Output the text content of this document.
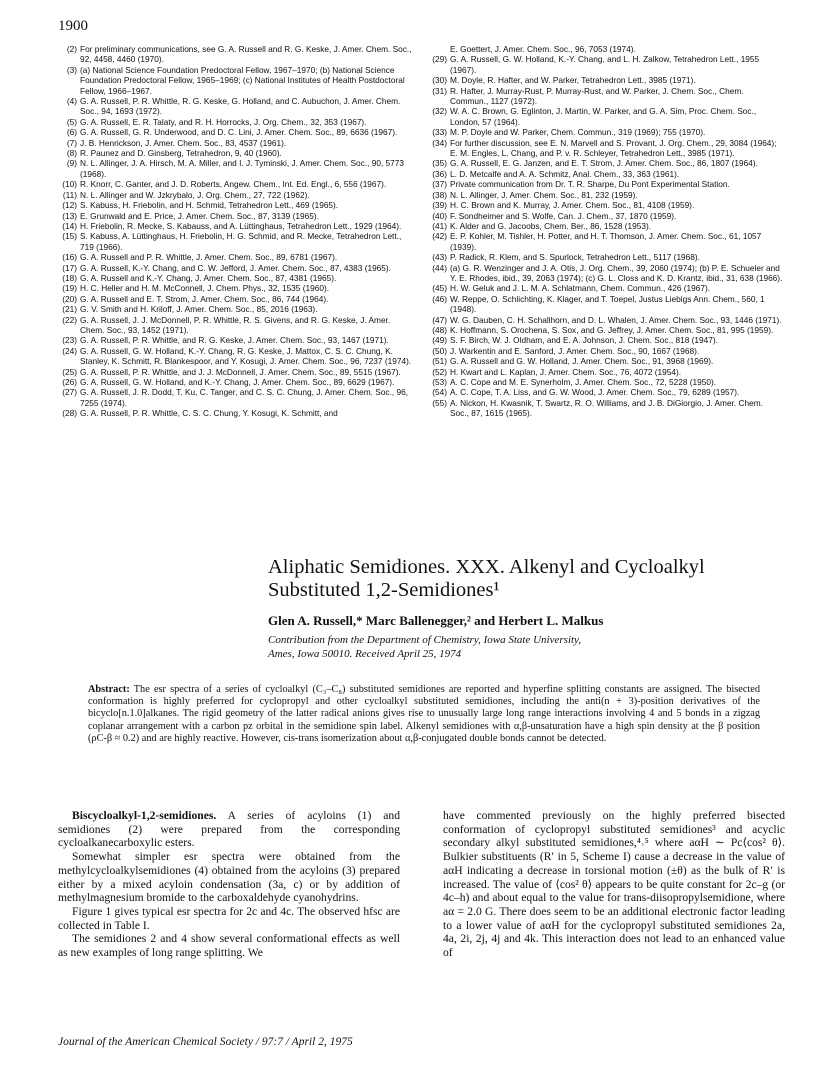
1900
(2) For preliminary communications, see G. A. Russell and R. G. Keske, J. Amer. Chem. Soc., 92, 4458, 4460 (1970).
(3) (a) National Science Foundation Predoctoral Fellow, 1967–1970; (b) National Science Foundation Predoctoral Fellow, 1965–1969; (c) National Institutes of Health Postdoctoral Fellow, 1966–1967.
(4) G. A. Russell, P. R. Whittle, R. G. Keske, G. Holland, and C. Aubuchon, J. Amer. Chem. Soc., 94, 1693 (1972).
(5) G. A. Russell, E. R. Talaty, and R. H. Horrocks, J. Org. Chem., 32, 353 (1967).
(6) G. A. Russell, G. R. Underwood, and D. C. Lini, J. Amer. Chem. Soc., 89, 6636 (1967).
(7) J. B. Henrickson, J. Amer. Chem. Soc., 83, 4537 (1961).
(8) R. Paunez and D. Ginsberg, Tetrahedron, 9, 40 (1960).
(9) N. L. Allinger, J. A. Hirsch, M. A. Miller, and I. J. Tyminski, J. Amer. Chem. Soc., 90, 5773 (1968).
(10) R. Knorr, C. Ganter, and J. D. Roberts, Angew. Chem., Int. Ed. Engl., 6, 556 (1967).
(11) N. L. Allinger and W. Jzkrybalo, J. Org. Chem., 27, 722 (1962).
(12) S. Kabuss, H. Friebolin, and H. Schmid, Tetrahedron Lett., 469 (1965).
(13) E. Grunwald and E. Price, J. Amer. Chem. Soc., 87, 3139 (1965).
(14) H. Friebolin, R. Mecke, S. Kabauss, and A. Lüttinghaus, Tetrahedron Lett., 1929 (1964).
(15) S. Kabuss, A. Lüttinghaus, H. Friebolin, H. G. Schmid, and R. Mecke, Tetrahedron Lett., 719 (1966).
(16) G. A. Russell and P. R. Whittle, J. Amer. Chem. Soc., 89, 6781 (1967).
(17) G. A. Russell, K.-Y. Chang, and C. W. Jefford, J. Amer. Chem. Soc., 87, 4383 (1965).
(18) G. A. Russell and K.-Y. Chang, J. Amer. Chem. Soc., 87, 4381 (1965).
(19) H. C. Heller and H. M. McConnell, J. Chem. Phys., 32, 1535 (1960).
(20) G. A. Russell and E. T. Strom, J. Amer. Chem. Soc., 86, 744 (1964).
(21) G. V. Smith and H. Kriloff, J. Amer. Chem. Soc., 85, 2016 (1963).
(22) G. A. Russell, J. J. McDonnell, P. R. Whittle, R. S. Givens, and R. G. Keske, J. Amer. Chem. Soc., 93, 1452 (1971).
(23) G. A. Russell, P. R. Whittle, and R. G. Keske, J. Amer. Chem. Soc., 93, 1467 (1971).
(24) G. A. Russell, G. W. Holland, K.-Y. Chang, R. G. Keske, J. Mattox, C. S. C. Chung, K. Stanley, K. Schmitt, R. Blankespoor, and Y. Kosugi, J. Amer. Chem. Soc., 96, 7237 (1974).
(25) G. A. Russell, P. R. Whittle, and J. J. McDonnell, J. Amer. Chem. Soc., 89, 5515 (1967).
(26) G. A. Russell, G. W. Holland, and K.-Y. Chang, J. Amer. Chem. Soc., 89, 6629 (1967).
(27) G. A. Russell, J. R. Dodd, T. Ku, C. Tanger, and C. S. C. Chung, J. Amer. Chem. Soc., 96, 7255 (1974).
(28) G. A. Russell, P. R. Whittle, C. S. C. Chung, Y. Kosugi, K. Schmitt, and
E. Goettert, J. Amer. Chem. Soc., 96, 7053 (1974).
(29) G. A. Russell, G. W. Holland, K.-Y. Chang, and L. H. Zalkow, Tetrahedron Lett., 1955 (1967).
(30) M. Doyle, R. Hafter, and W. Parker, Tetrahedron Lett., 3985 (1971).
(31) R. Hafter, J. Murray-Rust, P. Murray-Rust, and W. Parker, J. Chem. Soc., Chem. Commun., 1127 (1972).
(32) W. A. C. Brown, G. Eglinton, J. Martin, W. Parker, and G. A. Sim, Proc. Chem. Soc., London, 57 (1964).
(33) M. P. Doyle and W. Parker, Chem. Commun., 319 (1969); 755 (1970).
(34) For further discussion, see E. N. Marvell and S. Provant, J. Org. Chem., 29, 3084 (1964); E. M. Engles, L. Chang, and P. v. R. Schleyer, Tetrahedron Lett., 3985 (1971).
(35) G. A. Russell, E. G. Janzen, and E. T. Strom, J. Amer. Chem. Soc., 86, 1807 (1964).
(36) L. D. Metcalfe and A. A. Schmitz, Anal. Chem., 33, 363 (1961).
(37) Private communication from Dr. T. R. Sharpe, Du Pont Experimental Station.
(38) N. L. Allinger, J. Amer. Chem. Soc., 81, 232 (1959).
(39) H. C. Brown and K. Murray, J. Amer. Chem. Soc., 81, 4108 (1959).
(40) F. Sondheimer and S. Wolfe, Can. J. Chem., 37, 1870 (1959).
(41) K. Alder and G. Jacoobs, Chem. Ber., 86, 1528 (1953).
(42) E. P. Kohler, M. Tishler, H. Potter, and H. T. Thomson, J. Amer. Chem. Soc., 61, 1057 (1939).
(43) P. Radick, R. Klem, and S. Spurlock, Tetrahedron Lett., 5117 (1968).
(44) (a) G. R. Wenzinger and J. A. Otis, J. Org. Chem., 39, 2060 (1974); (b) P. E. Schueler and Y. E. Rhodes, ibid., 39, 2063 (1974); (c) G. L. Closs and K. D. Krantz, ibid., 31, 638 (1966).
(45) H. W. Geluk and J. L. M. A. Schlatmann, Chem. Commun., 426 (1967).
(46) W. Reppe, O. Schlichting, K. Klager, and T. Toepel, Justus Liebigs Ann. Chem., 560, 1 (1948).
(47) W. G. Dauben, C. H. Schallhorn, and D. L. Whalen, J. Amer. Chem. Soc., 93, 1446 (1971).
(48) K. Hoffmann, S. Orochena, S. Sox, and G. Jeffrey, J. Amer. Chem. Soc., 81, 995 (1959).
(49) S. F. Birch, W. J. Oldham, and E. A. Johnson, J. Chem. Soc., 818 (1947).
(50) J. Warkentin and E. Sanford, J. Amer. Chem. Soc., 90, 1667 (1968).
(51) G. A. Russell and G. W. Holland, J. Amer. Chem. Soc., 91, 3968 (1969).
(52) H. Kwart and L. Kaplan, J. Amer. Chem. Soc., 76, 4072 (1954).
(53) A. C. Cope and M. E. Synerholm, J. Amer. Chem. Soc., 72, 5228 (1950).
(54) A. C. Cope, T. A. Liss, and G. W. Wood, J. Amer. Chem. Soc., 79, 6289 (1957).
(55) A. Nickon, H. Kwasnik, T. Swartz, R. O. Williams, and J. B. DiGiorgio, J. Amer. Chem. Soc., 87, 1615 (1965).
Aliphatic Semidiones. XXX. Alkenyl and Cycloalkyl
Substituted 1,2-Semidiones¹
Glen A. Russell,* Marc Ballenegger,² and Herbert L. Malkus
Contribution from the Department of Chemistry, Iowa State University,
Ames, Iowa 50010. Received April 25, 1974
Abstract: The esr spectra of a series of cycloalkyl (C₃–C₈) substituted semidiones are reported and hyperfine splitting constants are assigned. The bisected conformation is highly preferred for cyclopropyl and other cycloalkyl substituted semidiones, including the anti(n + 3)-position derivatives of the bicyclo[n.1.0]alkanes. The rigid geometry of the latter radical anions gives rise to unusually large long range interactions involving 4 and 5 bonds in a zigzag coplanar arrangement with a carbon pz orbital in the semidione spin label. Alkenyl semidiones with α,β-unsaturation have a high spin density at the β position (ρC-β ≈ 0.2) and are highly reactive. However, cis-trans isomerization about α,β-conjugated double bonds cannot be detected.

Biscycloalkyl-1,2-semidiones. A series of acyloins (1) and semidiones (2) were prepared from the corresponding cycloalkanecarboxylic esters.

Somewhat simpler esr spectra were obtained from the methylcycloalkylsemidiones (4) obtained from the acyloins (3) prepared either by a mixed acyloin condensation (3a, c) or by addition of methylmagnesium bromide to the carboxaldehyde cyanohydrins.

Figure 1 gives typical esr spectra for 2c and 4c. The observed hfsc are collected in Table I.

The semidiones 2 and 4 show several conformational effects as well as new examples of long range splitting. We

have commented previously on the highly preferred bisected conformation of cyclopropyl substituted semidiones³ and acyclic secondary alkyl substituted semidiones,⁴˒⁵ where aαH ∼ Pc⟨cos² θ⟩. Bulkier substituents (R′ in 5, Scheme I) cause a decrease in the value of aαH indicating a decrease in torsional motion (±θ) as the bulk of R′ is increased. The value of ⟨cos² θ⟩ appears to be quite constant for 2c–g (or 4c–h) and about equal to the value for trans-diisopropylsemidione, where aα = 2.0 G. There does seem to be an additional electronic factor leading to a lower value of aαH for the cyclopropyl substituted semidiones 2a, 4a, 2i, 2j, 4j and 4k. This interaction does not lead to an enhanced value of

Journal of the American Chemical Society / 97:7 / April 2, 1975
